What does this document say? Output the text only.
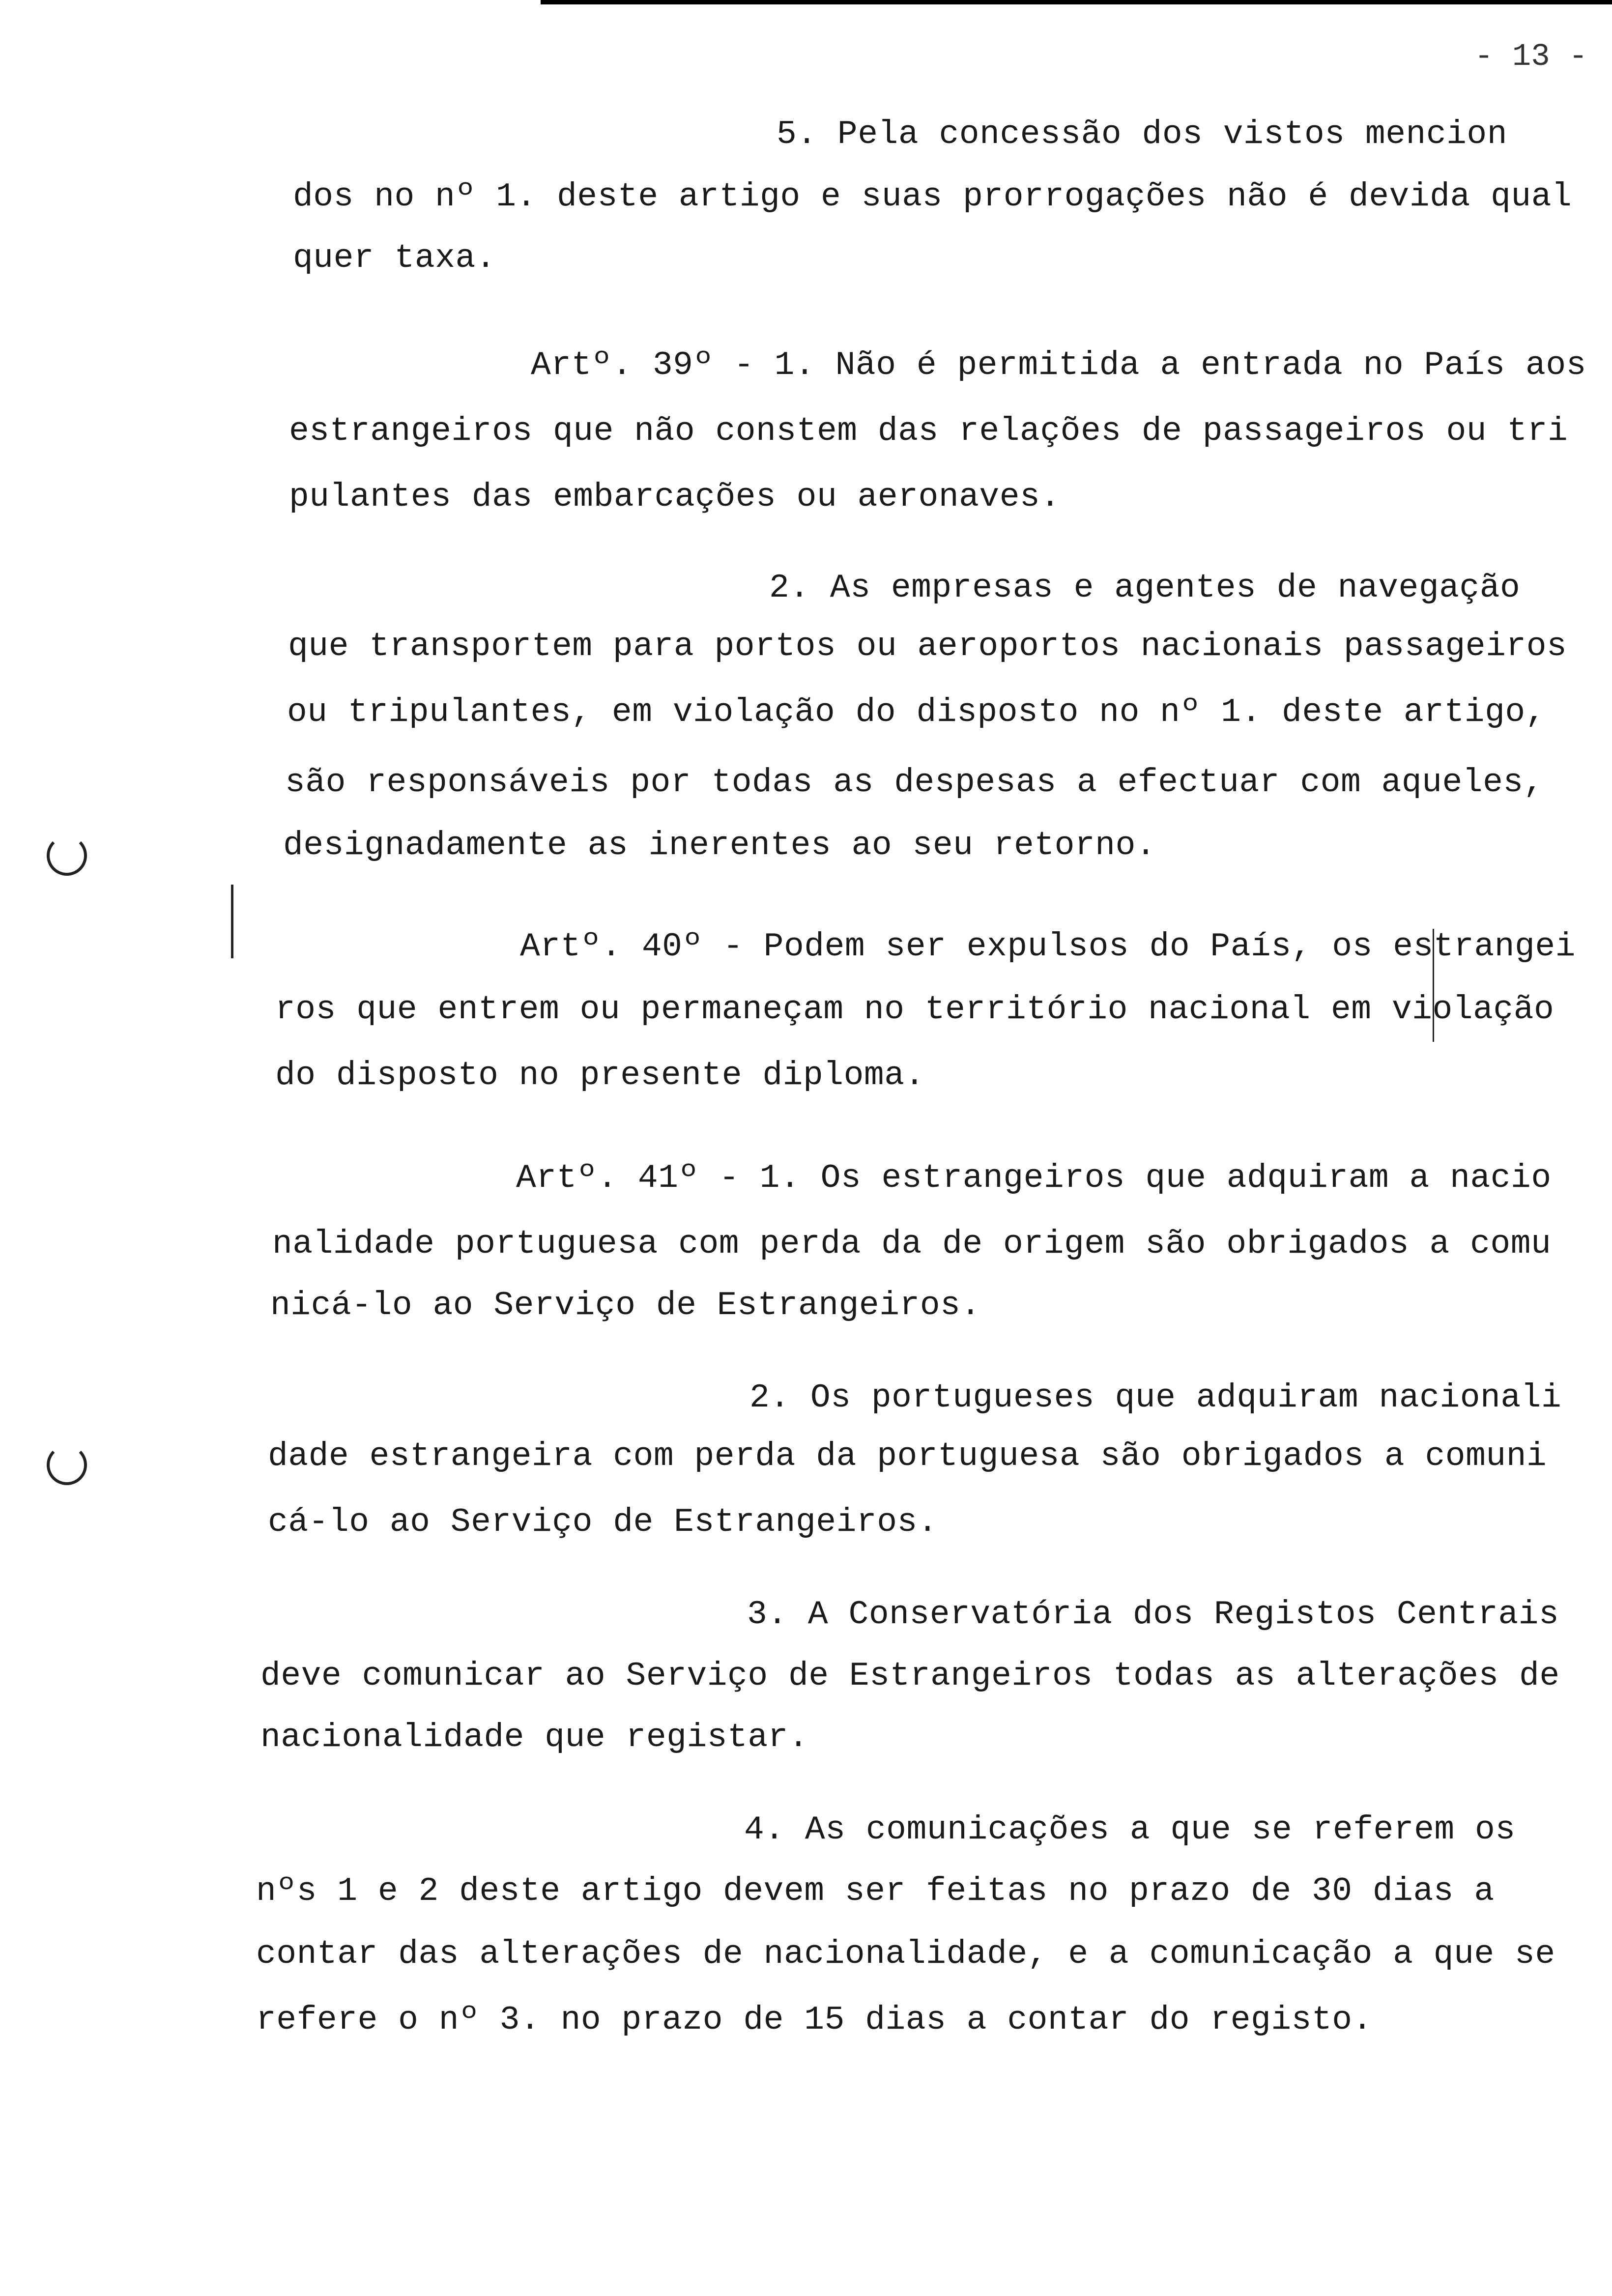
- 13 -
5. Pela concessão dos vistos mencion
dos no nº 1. deste artigo e suas prorrogações não é devida qual
quer taxa.
Artº. 39º - 1. Não é permitida a entrada no País aos
estrangeiros que não constem das relações de passageiros ou tri
pulantes das embarcações ou aeronaves.
2. As empresas e agentes de navegação
que transportem para portos ou aeroportos nacionais passageiros
ou tripulantes, em violação do disposto no nº 1. deste artigo,
são responsáveis por todas as despesas a efectuar com aqueles,
designadamente as inerentes ao seu retorno.
Artº. 40º - Podem ser expulsos do País, os estrangei
ros que entrem ou permaneçam no território nacional em violação
do disposto no presente diploma.
Artº. 41º - 1. Os estrangeiros que adquiram a nacio
nalidade portuguesa com perda da de origem são obrigados a comu
nicá-lo ao Serviço de Estrangeiros.
2. Os portugueses que adquiram nacionali
dade estrangeira com perda da portuguesa são obrigados a comuni
cá-lo ao Serviço de Estrangeiros.
3. A Conservatória dos Registos Centrais
deve comunicar ao Serviço de Estrangeiros todas as alterações de
nacionalidade que registar.
4. As comunicações a que se referem os
nºs 1 e 2 deste artigo devem ser feitas no prazo de 30 dias a
contar das alterações de nacionalidade, e a comunicação a que se
refere o nº 3. no prazo de 15 dias a contar do registo.
